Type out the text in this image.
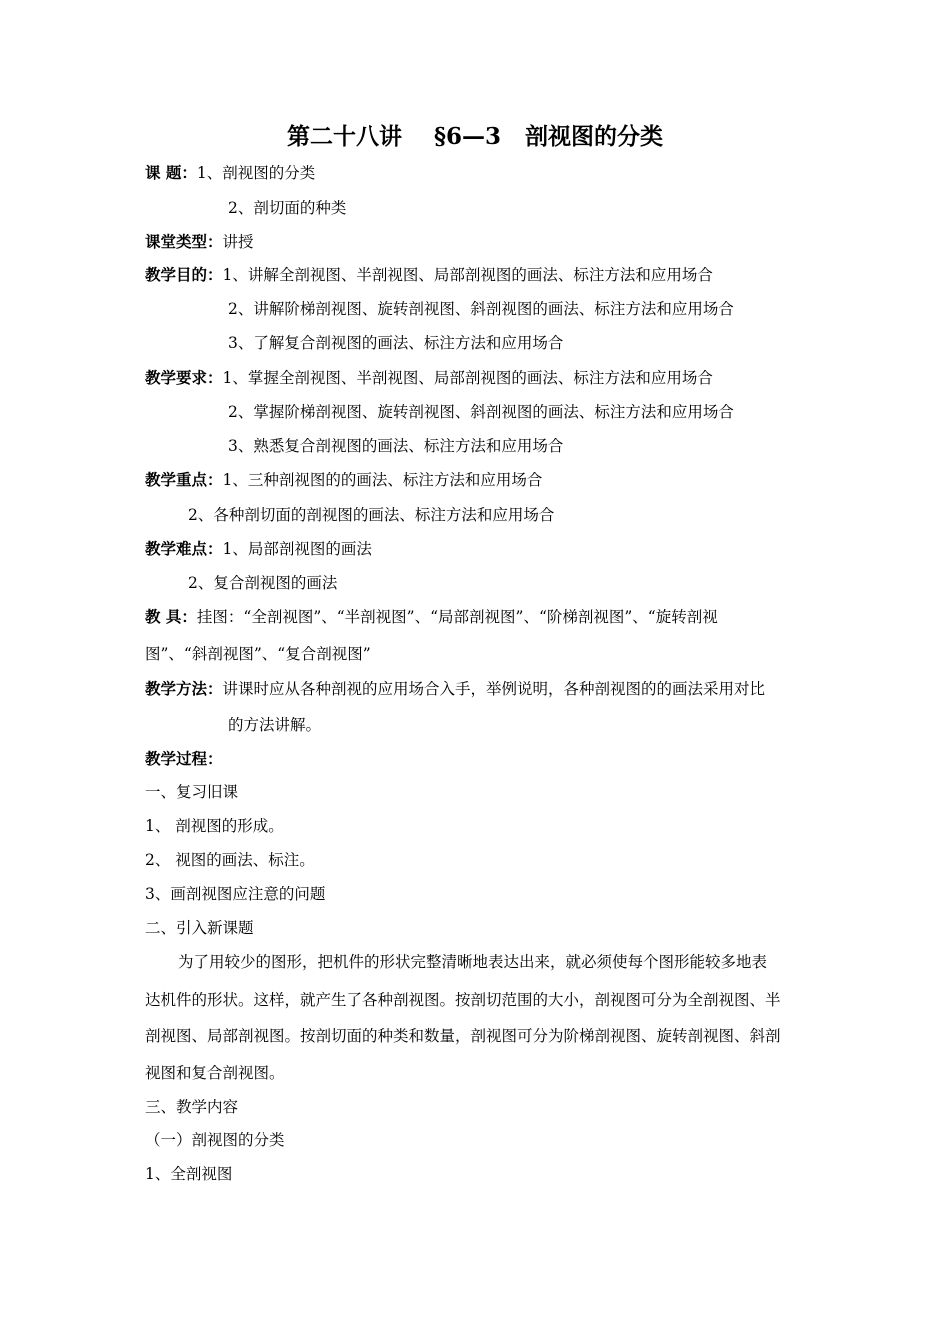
第二十八讲    §6—3   剖视图的分类
课 题：1、剖视图的分类
2、剖切面的种类
课堂类型：讲授
教学目的：1、讲解全剖视图、半剖视图、局部剖视图的画法、标注方法和应用场合
2、讲解阶梯剖视图、旋转剖视图、斜剖视图的画法、标注方法和应用场合
3、了解复合剖视图的画法、标注方法和应用场合
教学要求：1、掌握全剖视图、半剖视图、局部剖视图的画法、标注方法和应用场合
2、掌握阶梯剖视图、旋转剖视图、斜剖视图的画法、标注方法和应用场合
3、熟悉复合剖视图的画法、标注方法和应用场合
教学重点：1、三种剖视图的的画法、标注方法和应用场合
2、各种剖切面的剖视图的画法、标注方法和应用场合
教学难点：1、局部剖视图的画法
2、复合剖视图的画法
教 具：挂图：“全剖视图”、“半剖视图”、“局部剖视图”、“阶梯剖视图”、“旋转剖视
图”、“斜剖视图”、“复合剖视图”
教学方法：讲课时应从各种剖视的应用场合入手，举例说明，各种剖视图的的画法采用对比
的方法讲解。
教学过程：
一、复习旧课
1、 剖视图的形成。
2、 视图的画法、标注。
3、画剖视图应注意的问题
二、引入新课题
为了用较少的图形，把机件的形状完整清晰地表达出来，就必须使每个图形能较多地表
达机件的形状。这样，就产生了各种剖视图。按剖切范围的大小，剖视图可分为全剖视图、半
剖视图、局部剖视图。按剖切面的种类和数量，剖视图可分为阶梯剖视图、旋转剖视图、斜剖
视图和复合剖视图。
三、教学内容
（一）剖视图的分类
1、全剖视图
